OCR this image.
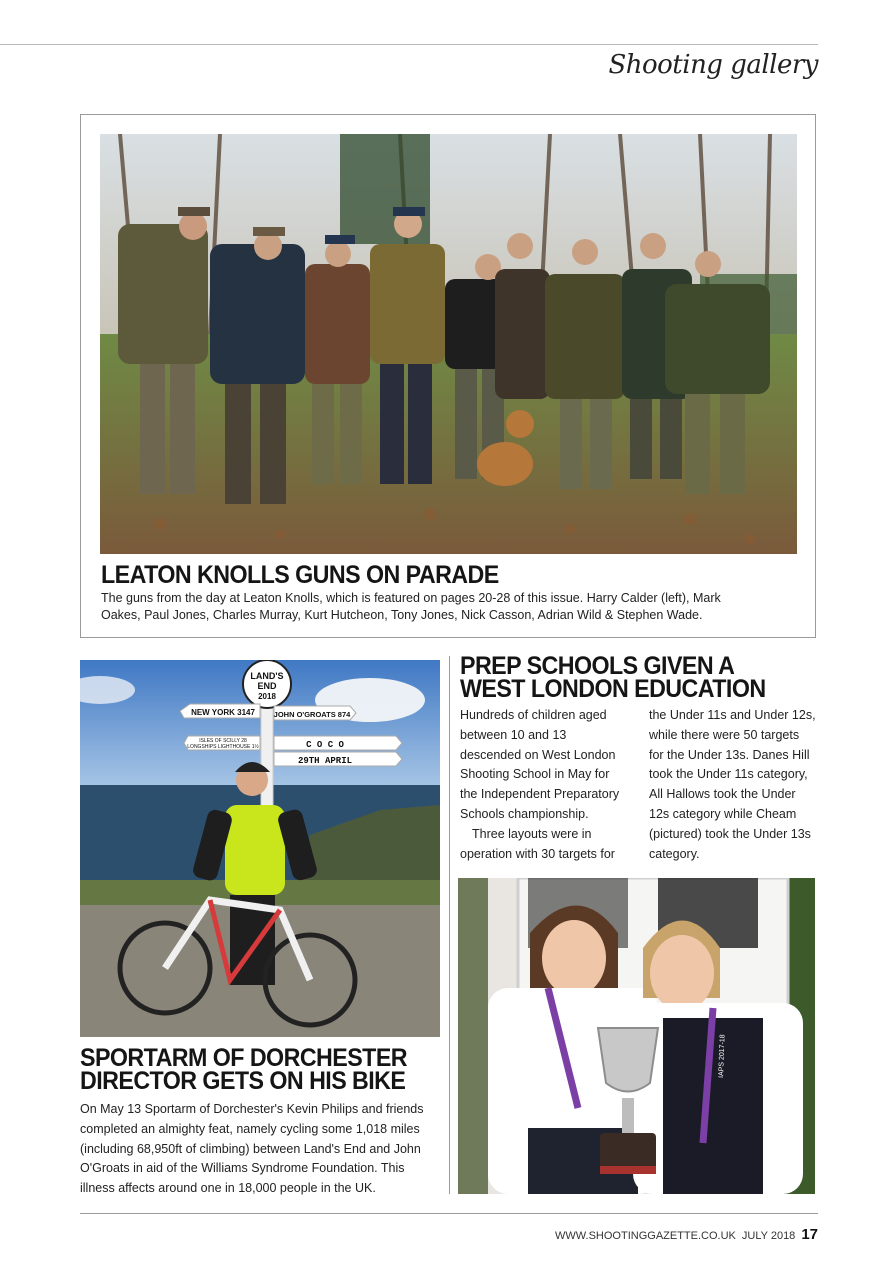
Shooting gallery
LEATON KNOLLS GUNS ON PARADE
The guns from the day at Leaton Knolls, which is featured on pages 20-28 of this issue. Harry Calder (left), Mark Oakes, Paul Jones, Charles Murray, Kurt Hutcheon, Tony Jones, Nick Casson, Adrian Wild & Stephen Wade.
LAND'S
END
2018
NEW YORK 3147 JOHN O'GROATS 874
ISLES OF SCILLY 28
LONGSHIPS LIGHTHOUSE 1½	C O C O
29TH APRIL
PREP SCHOOLS GIVEN A WEST LONDON EDUCATION

Hundreds of children aged between 10 and 13 descended on West London Shooting School in May for the Independent Preparatory Schools championship.

Three layouts were in operation with 30 targets for

the Under 11s and Under 12s, while there were 50 targets for the Under 13s. Danes Hill took the Under 11s category, All Hallows took the Under 12s category while Cheam (pictured) took the Under 13s category.

IAPS 2017-18
SPORTARM OF DORCHESTER DIRECTOR GETS ON HIS BIKE
On May 13 Sportarm of Dorchester's Kevin Philips and friends completed an almighty feat, namely cycling some 1,018 miles (including 68,950ft of climbing) between Land's End and John O'Groats in aid of the Williams Syndrome Foundation. This illness affects around one in 18,000 people in the UK.
WWW.SHOOTINGGAZETTE.CO.UK JULY 2018 17
